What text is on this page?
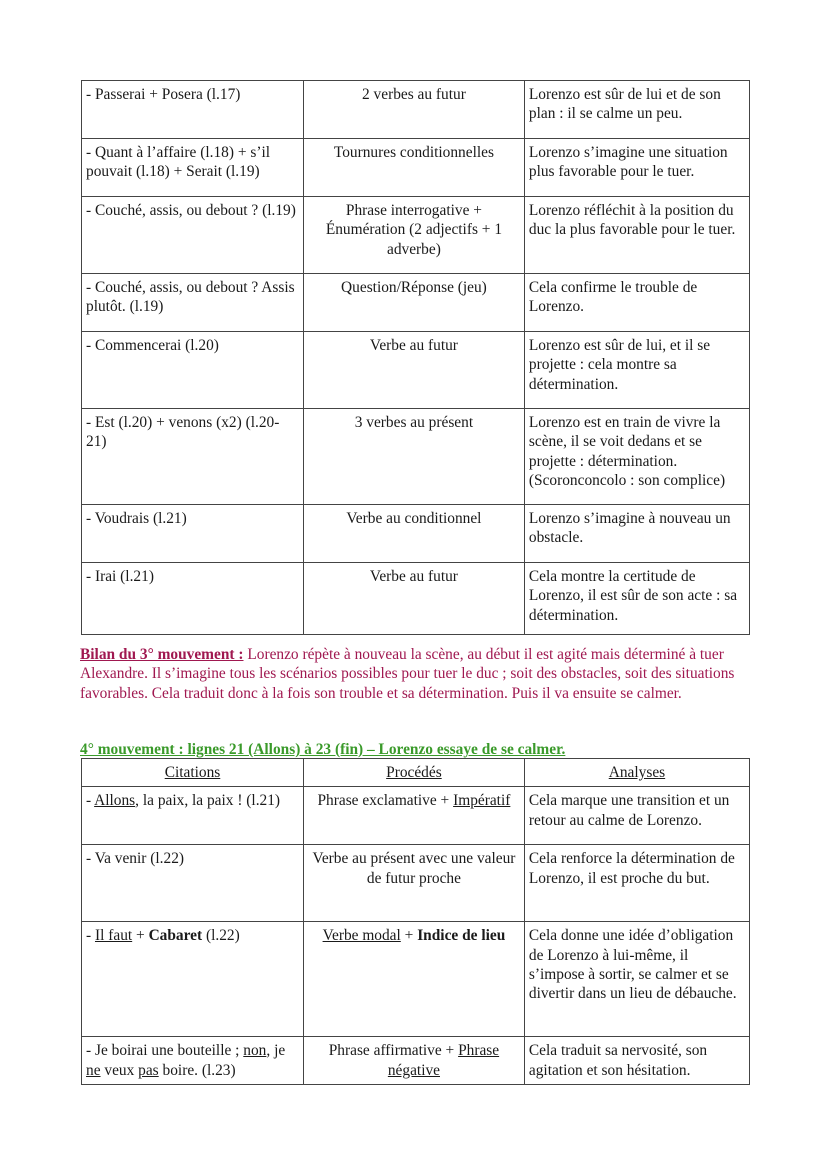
- Passerai + Posera (l.17)	2 verbes au futur	Lorenzo est sûr de lui et de son plan : il se calme un peu.
- Quant à l’affaire (l.18) + s’il pouvait (l.18) + Serait (l.19)	Tournures conditionnelles	Lorenzo s’imagine une situation plus favorable pour le tuer.
- Couché, assis, ou debout ? (l.19)	Phrase interrogative + Énumération (2 adjectifs + 1 adverbe)	Lorenzo réfléchit à la position du duc la plus favorable pour le tuer.
- Couché, assis, ou debout ? Assis plutôt. (l.19)	Question/Réponse (jeu)	Cela confirme le trouble de Lorenzo.
- Commencerai (l.20)	Verbe au futur	Lorenzo est sûr de lui, et il se projette : cela montre sa détermination.
- Est (l.20) + venons (x2) (l.20-21)	3 verbes au présent	Lorenzo est en train de vivre la scène, il se voit dedans et se projette : détermination. (Scoronconcolo : son complice)
- Voudrais (l.21)	Verbe au conditionnel	Lorenzo s’imagine à nouveau un obstacle.
- Irai (l.21)	Verbe au futur	Cela montre la certitude de Lorenzo, il est sûr de son acte : sa détermination.

Bilan du 3° mouvement : Lorenzo répète à nouveau la scène, au début il est agité mais déterminé à tuer Alexandre. Il s’imagine tous les scénarios possibles pour tuer le duc ; soit des obstacles, soit des situations favorables. Cela traduit donc à la fois son trouble et sa détermination. Puis il va ensuite se calmer.

4° mouvement : lignes 21 (Allons) à 23 (fin) – Lorenzo essaye de se calmer.

Citations	Procédés	Analyses
- Allons, la paix, la paix ! (l.21)	Phrase exclamative + Impératif	Cela marque une transition et un retour au calme de Lorenzo.
- Va venir (l.22)	Verbe au présent avec une valeur de futur proche	Cela renforce la détermination de Lorenzo, il est proche du but.
- Il faut + Cabaret (l.22)	Verbe modal + Indice de lieu	Cela donne une idée d’obligation de Lorenzo à lui-même, il s’impose à sortir, se calmer et se divertir dans un lieu de débauche.
- Je boirai une bouteille ; non, je ne veux pas boire. (l.23)	Phrase affirmative + Phrase négative	Cela traduit sa nervosité, son agitation et son hésitation.
